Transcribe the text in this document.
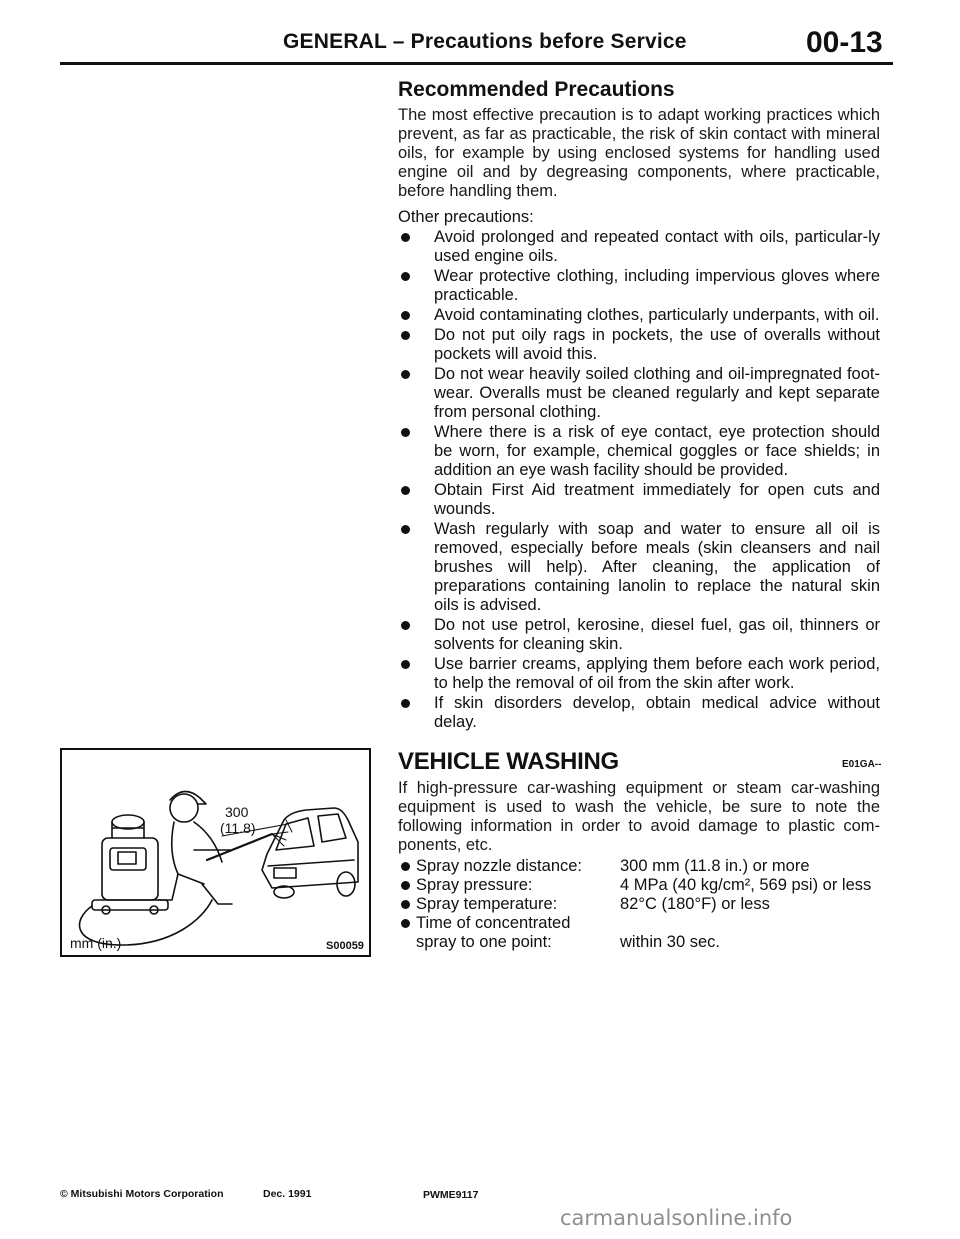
GENERAL – Precautions before Service	00-13
Recommended Precautions
The most effective precaution is to adapt working practices which prevent, as far as practicable, the risk of skin contact with mineral oils, for example by using enclosed systems for handling used engine oil and by degreasing components, where practicable, before handling them.
Other precautions:
Avoid prolonged and repeated contact with oils, particular-ly used engine oils.
Wear protective clothing, including impervious gloves where practicable.
Avoid contaminating clothes, particularly underpants, with oil.
Do not put oily rags in pockets, the use of overalls without pockets will avoid this.
Do not wear heavily soiled clothing and oil-impregnated foot-wear. Overalls must be cleaned regularly and kept separate from personal clothing.
Where there is a risk of eye contact, eye protection should be worn, for example, chemical goggles or face shields; in addition an eye wash facility should be provided.
Obtain First Aid treatment immediately for open cuts and wounds.
Wash regularly with soap and water to ensure all oil is removed, especially before meals (skin cleansers and nail brushes will help). After cleaning, the application of preparations containing lanolin to replace the natural skin oils is advised.
Do not use petrol, kerosine, diesel fuel, gas oil, thinners or solvents for cleaning skin.
Use barrier creams, applying them before each work period, to help the removal of oil from the skin after work.
If skin disorders develop, obtain medical advice without delay.
300
(11.8)
mm (in.)	S00059
VEHICLE WASHING	E01GA--
If high-pressure car-washing equipment or steam car-washing equipment is used to wash the vehicle, be sure to note the following information in order to avoid damage to plastic com-ponents, etc.
Spray nozzle distance: 300 mm (11.8 in.) or more
Spray pressure:	4 MPa (40 kg/cm², 569 psi) or less
Spray temperature:	82°C (180°F) or less
Time of concentrated
spray to one point:	within 30 sec.
© Mitsubishi Motors Corporation	Dec. 1991	PWME9117
carmanualsonline.info
